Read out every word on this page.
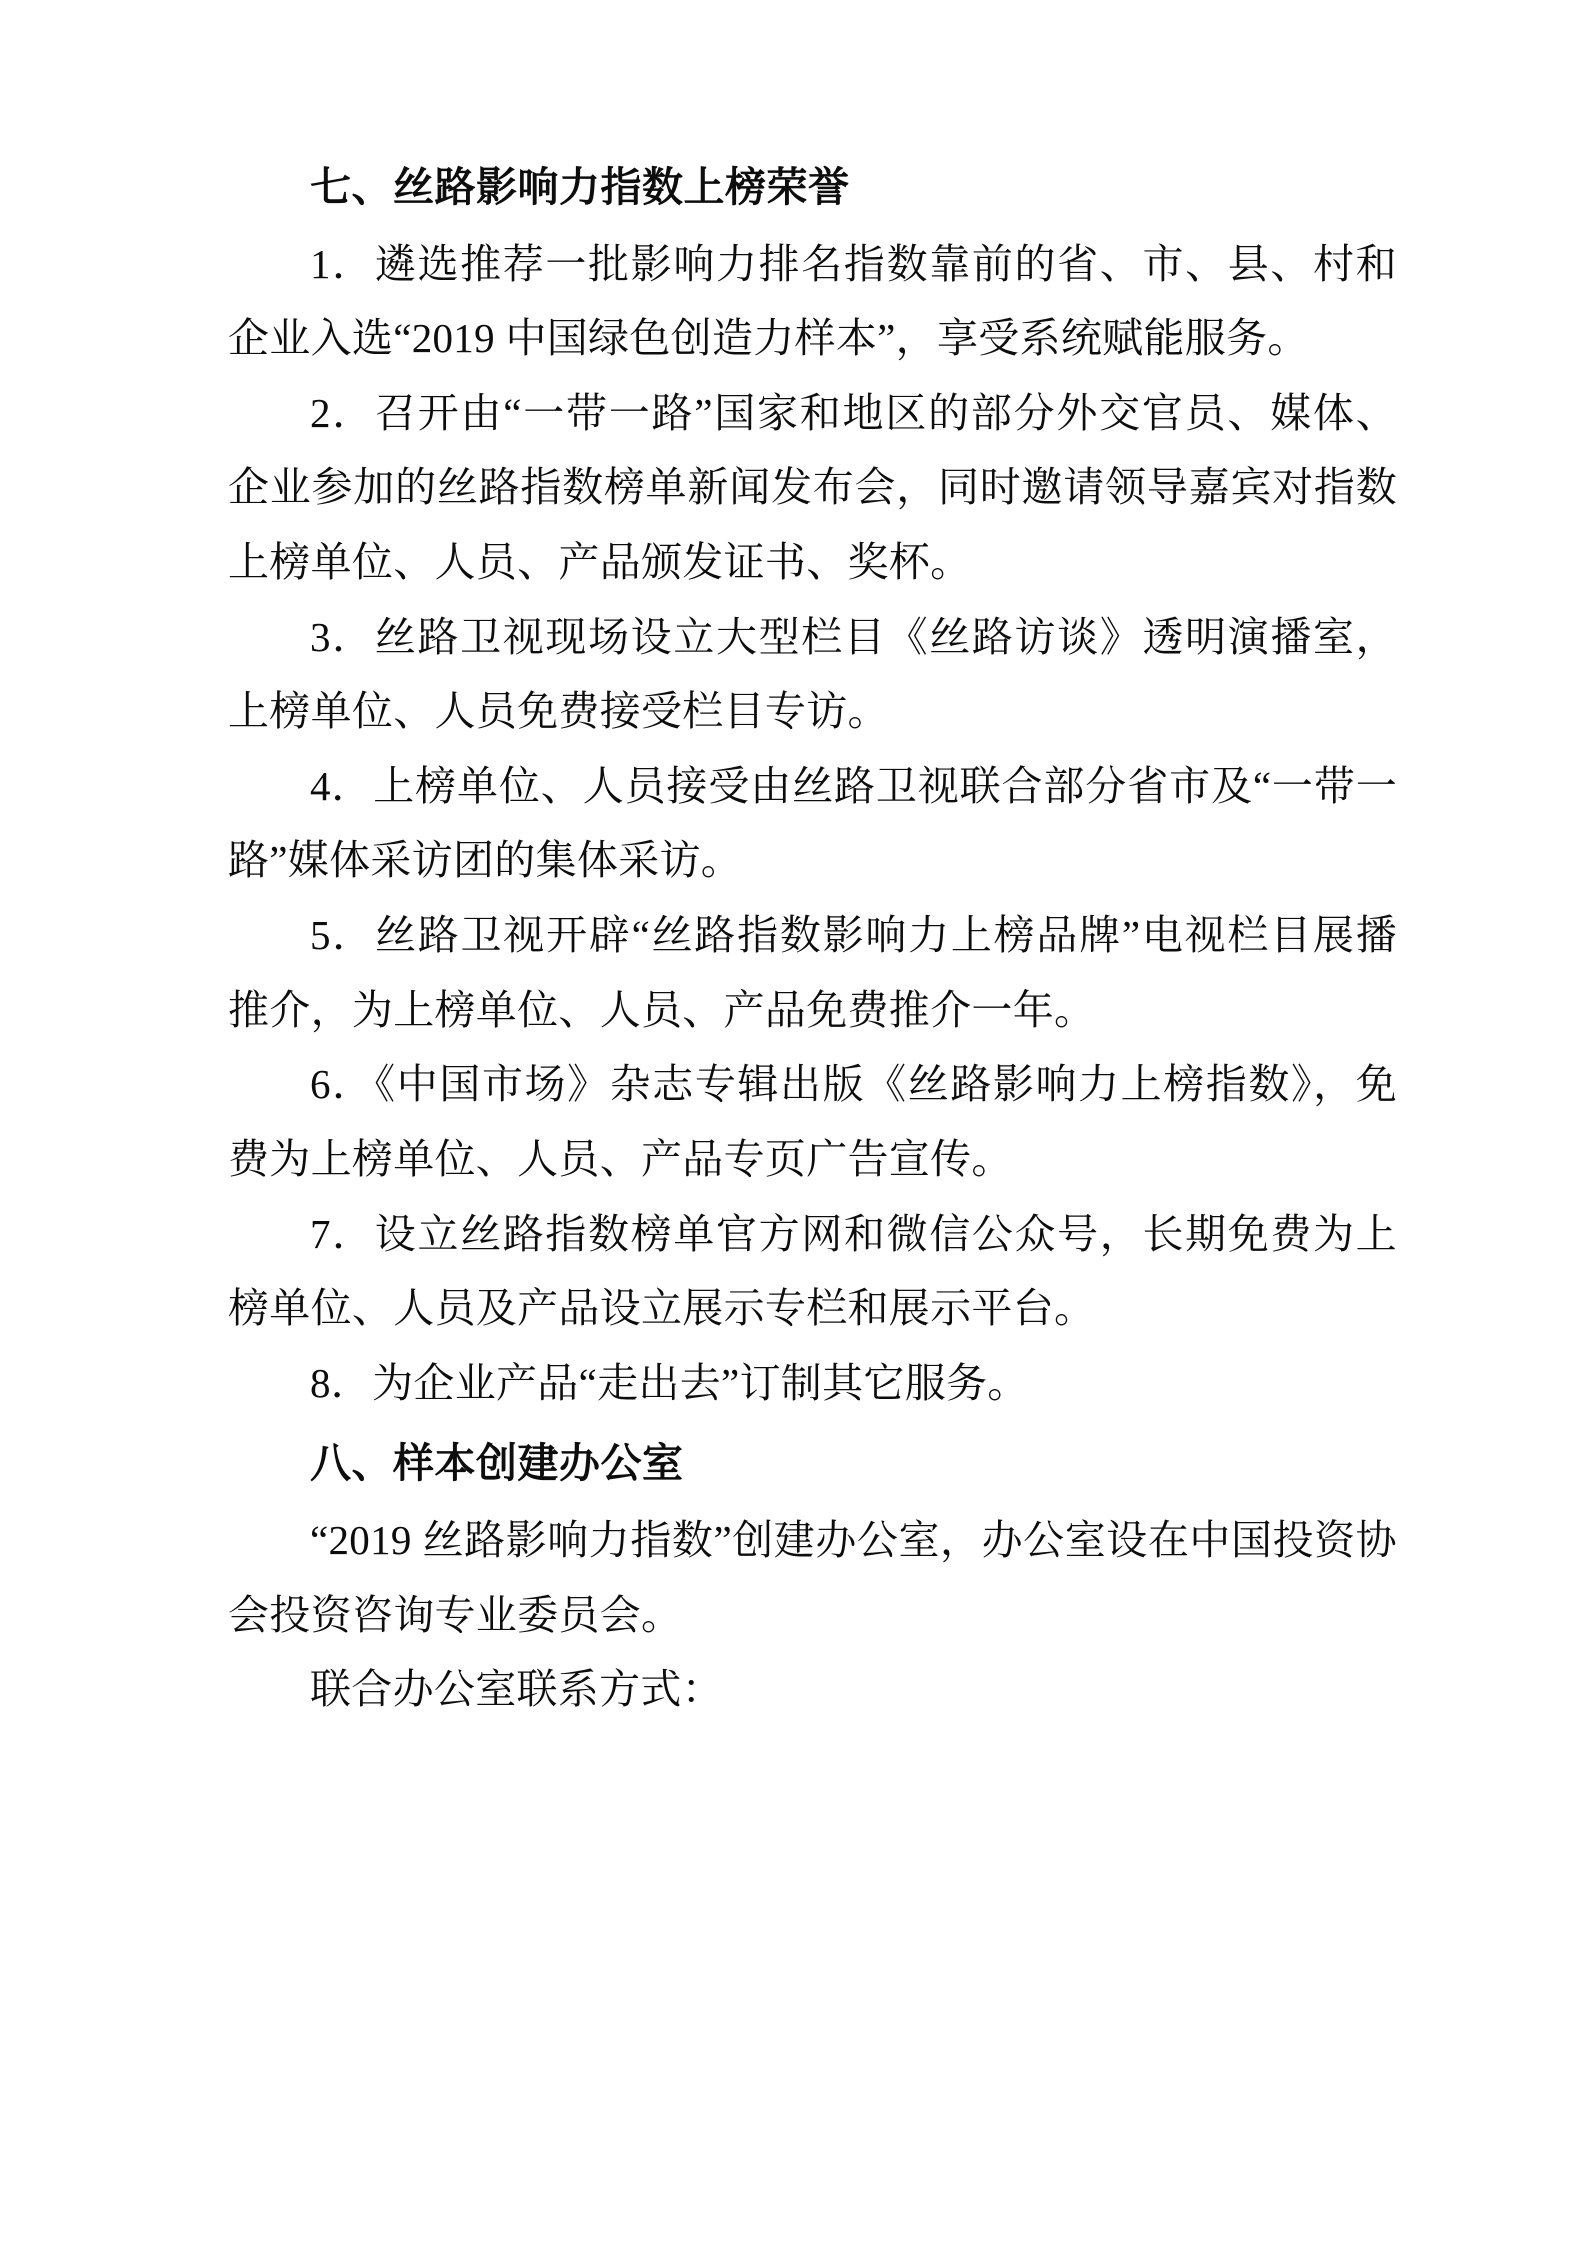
七、丝路影响力指数上榜荣誉

1．遴选推荐一批影响力排名指数靠前的省、市、县、村和企业入选“2019 中国绿色创造力样本”，享受系统赋能服务。

2．召开由“一带一路”国家和地区的部分外交官员、媒体、企业参加的丝路指数榜单新闻发布会，同时邀请领导嘉宾对指数上榜单位、人员、产品颁发证书、奖杯。

3．丝路卫视现场设立大型栏目《丝路访谈》透明演播室，上榜单位、人员免费接受栏目专访。

4．上榜单位、人员接受由丝路卫视联合部分省市及“一带一路”媒体采访团的集体采访。

5．丝路卫视开辟“丝路指数影响力上榜品牌”电视栏目展播推介，为上榜单位、人员、产品免费推介一年。

6．《中国市场》杂志专辑出版《丝路影响力上榜指数》，免费为上榜单位、人员、产品专页广告宣传。

7．设立丝路指数榜单官方网和微信公众号，长期免费为上榜单位、人员及产品设立展示专栏和展示平台。

8．为企业产品“走出去”订制其它服务。

八、样本创建办公室

“2019 丝路影响力指数”创建办公室，办公室设在中国投资协会投资咨询专业委员会。

联合办公室联系方式：
